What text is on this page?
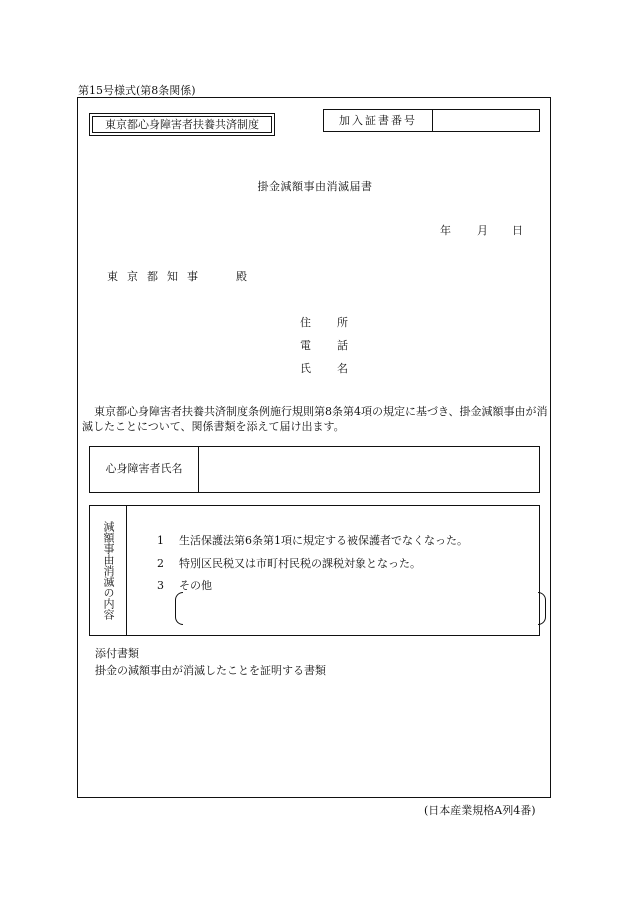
第15号様式(第8条関係)
東京都心身障害者扶養共済制度	加入証書番号
掛金減額事由消滅届書
年 月 日
東京都知事	殿
住所
電話
氏名
東京都心身障害者扶養共済制度条例施行規則第8条第4項の規定に基づき、掛金減額事由が消滅したことについて、関係書類を添えて届け出ます。
心身障害者氏名
減額事由消滅の内容	1 生活保護法第6条第1項に規定する被保護者でなくなった。
2 特別区民税又は市町村民税の課税対象となった。
3 その他
添付書類
掛金の減額事由が消滅したことを証明する書類
(日本産業規格A列4番)
